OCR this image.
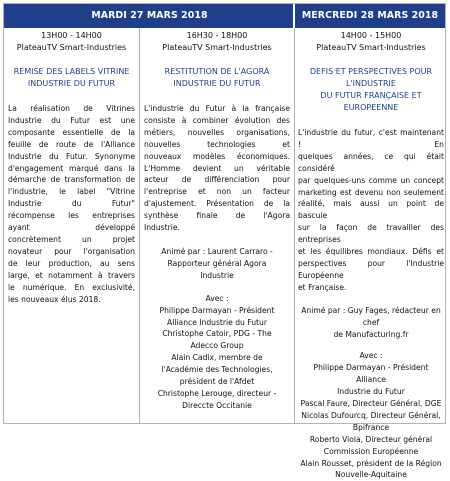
MARDI 27 MARS 2018	MERCREDI 28 MARS 2018
13H00 - 14H00
PlateauTV Smart-Industries
REMISE DES LABELS VITRINE
INDUSTRIE DU FUTUR
La réalisation de Vitrines
Industrie du Futur est une
composante essentielle de la
feuille de route de l'Alliance
Industrie du Futur. Synonyme
d'engagement marqué dans la
démarche de transformation de
l'industrie, le label "Vitrine
Industrie du Futur"
récompense les entreprises
ayant développé
concrètement un projet
novateur pour l'organisation
de leur production, au sens
large, et notamment à travers
le numérique. En exclusivité,
les nouveaux élus 2018.
16H30 - 18H00
PlateauTV Smart-Industries
RESTITUTION DE L'AGORA
INDUSTRIE DU FUTUR
L'industrie du Futur à la française
consiste à combiner évolution des
métiers, nouvelles organisations,
nouvelles technologies et
nouveaux modèles économiques.
L'Homme devient un véritable
acteur de différenciation pour
l'entreprise et non un facteur
d'ajustement. Présentation de la
synthèse finale de l'Agora
Industrie.
Animé par : Laurent Carraro -
Rapporteur général Agora
Industrie
Avec :
Philippe Darmayan - Président
Alliance Industrie du Futur
Christophe Catoir, PDG - The
Adecco Group
Alain Cadix, membre de
l'Académie des Technologies,
président de l'Afdet
Christophe Lerouge, directeur -
Direccte Occitanie
14H00 - 15H00
PlateauTV Smart-Industries
DEFIS ET PERSPECTIVES POUR L'INDUSTRIE
DU FUTUR FRANÇAISE ET EUROPEENNE
L'industrie du futur, c'est maintenant ! En
quelques années, ce qui était considéré
par quelques-uns comme un concept
marketing est devenu non seulement
réalité, mais aussi un point de bascule
sur la façon de travailler des entreprises
et les équilibres mondiaux. Défis et
perspectives pour l'Industrie Européenne
et Française.
Animé par : Guy Fages, rédacteur en chef
de Manufacturing.fr
Avec :
Philippe Darmayan - Président Alliance
Industrie du Futur
Pascal Faure, Directeur Général, DGE
Nicolas Dufourcq, Directeur Général,
Bpifrance
Roberto Viola, Directeur général
Commission Européenne
Alain Rousset, président de la Région
Nouvelle-Aquitaine
